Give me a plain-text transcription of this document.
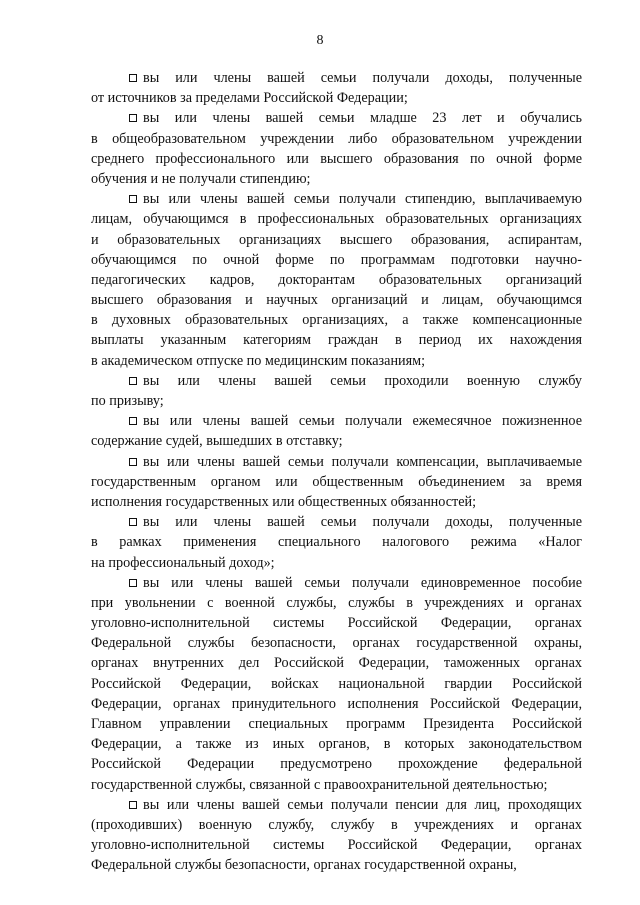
8
вы или члены вашей семьи получали доходы, полученные
от источников за пределами Российской Федерации;
вы или члены вашей семьи младше 23 лет и обучались
в общеобразовательном учреждении либо образовательном учреждении
среднего профессионального или высшего образования по очной форме
обучения и не получали стипендию;
вы или члены вашей семьи получали стипендию, выплачиваемую
лицам, обучающимся в профессиональных образовательных организациях
и образовательных организациях высшего образования, аспирантам,
обучающимся по очной форме по программам подготовки научно-
педагогических кадров, докторантам образовательных организаций
высшего образования и научных организаций и лицам, обучающимся
в духовных образовательных организациях, а также компенсационные
выплаты указанным категориям граждан в период их нахождения
в академическом отпуске по медицинским показаниям;
вы или члены вашей семьи проходили военную службу
по призыву;
вы или члены вашей семьи получали ежемесячное пожизненное
содержание судей, вышедших в отставку;
вы или члены вашей семьи получали компенсации, выплачиваемые
государственным органом или общественным объединением за время
исполнения государственных или общественных обязанностей;
вы или члены вашей семьи получали доходы, полученные
в рамках применения специального налогового режима «Налог
на профессиональный доход»;
вы или члены вашей семьи получали единовременное пособие
при увольнении с военной службы, службы в учреждениях и органах
уголовно-исполнительной системы Российской Федерации, органах
Федеральной службы безопасности, органах государственной охраны,
органах внутренних дел Российской Федерации, таможенных органах
Российской Федерации, войсках национальной гвардии Российской
Федерации, органах принудительного исполнения Российской Федерации,
Главном управлении специальных программ Президента Российской
Федерации, а также из иных органов, в которых законодательством
Российской Федерации предусмотрено прохождение федеральной
государственной службы, связанной с правоохранительной деятельностью;
вы или члены вашей семьи получали пенсии для лиц, проходящих
(проходивших) военную службу, службу в учреждениях и органах
уголовно-исполнительной системы Российской Федерации, органах
Федеральной службы безопасности, органах государственной охраны,
